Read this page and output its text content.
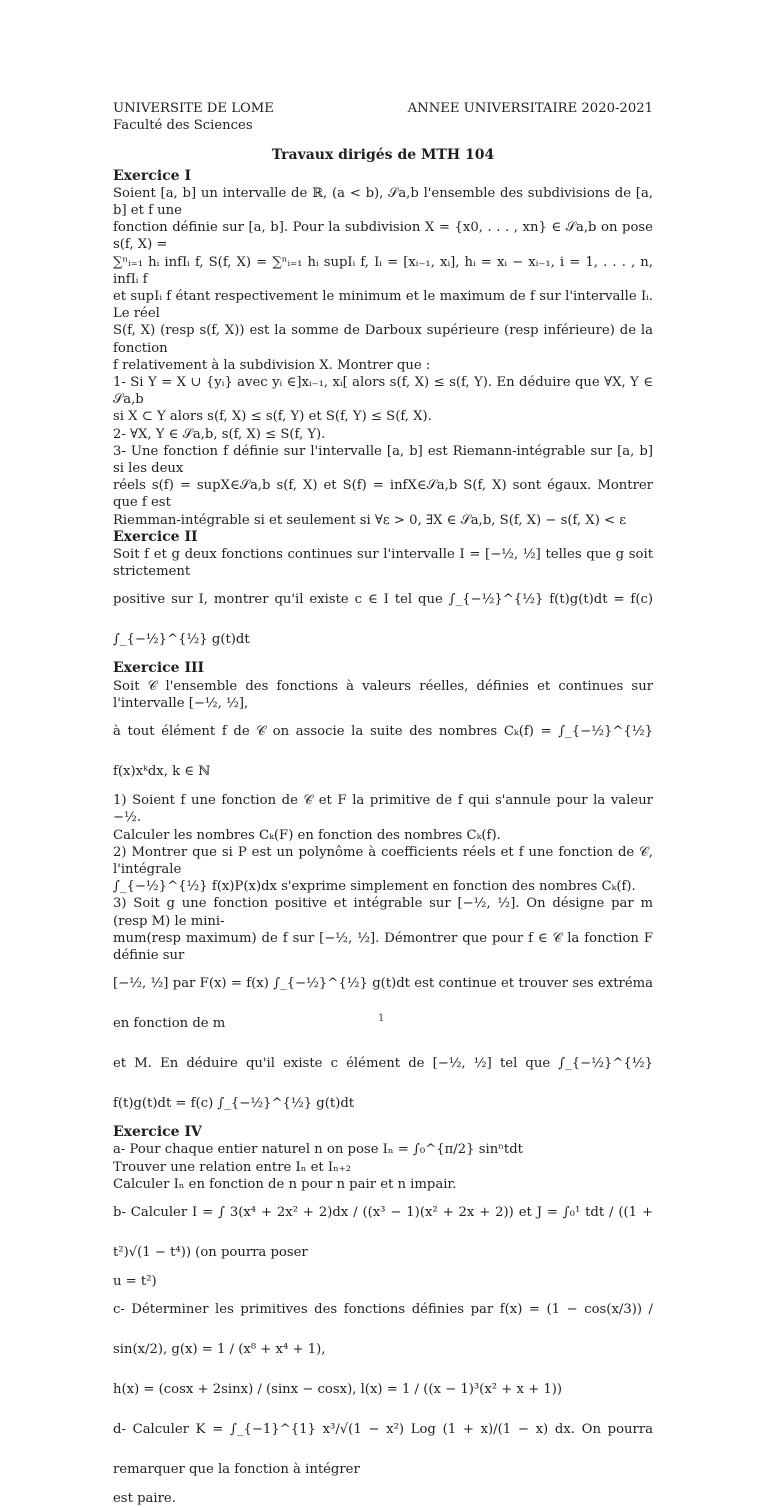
UNIVERSITE DE LOME	ANNEE UNIVERSITAIRE 2020-2021
Faculté des Sciences
Travaux dirigés de MTH 104
Exercice I

Soient [a, b] un intervalle de ℝ, (a < b), 𝒮a,b l'ensemble des subdivisions de [a, b] et f une

fonction définie sur [a, b]. Pour la subdivision X = {x0, . . . , xn} ∈ 𝒮a,b on pose s(f, X) =

∑ⁿᵢ₌₁ hᵢ infIᵢ f, S(f, X) = ∑ⁿᵢ₌₁ hᵢ supIᵢ f, Iᵢ = [xᵢ₋₁, xᵢ], hᵢ = xᵢ − xᵢ₋₁, i = 1, . . . , n, infIᵢ f

et supIᵢ f étant respectivement le minimum et le maximum de f sur l'intervalle Iᵢ. Le réel

S(f, X) (resp s(f, X)) est la somme de Darboux supérieure (resp inférieure) de la fonction

f relativement à la subdivision X. Montrer que :

1- Si Y = X ∪ {yᵢ} avec yᵢ ∈]xᵢ₋₁, xᵢ[ alors s(f, X) ≤ s(f, Y). En déduire que ∀X, Y ∈ 𝒮a,b

si X ⊂ Y alors s(f, X) ≤ s(f, Y) et S(f, Y) ≤ S(f, X).

2- ∀X, Y ∈ 𝒮a,b, s(f, X) ≤ S(f, Y).

3- Une fonction f définie sur l'intervalle [a, b] est Riemann-intégrable sur [a, b] si les deux

réels s(f) = supX∈𝒮a,b s(f, X) et S(f) = infX∈𝒮a,b S(f, X) sont égaux. Montrer que f est

Riemman-intégrable si et seulement si ∀ε > 0, ∃X ∈ 𝒮a,b, S(f, X) − s(f, X) < ε

Exercice II

Soit f et g deux fonctions continues sur l'intervalle I = [−½, ½] telles que g soit strictement

positive sur I, montrer qu'il existe c ∈ I tel que ∫_{−½}^{½} f(t)g(t)dt = f(c) ∫_{−½}^{½} g(t)dt

Exercice III

Soit 𝒞 l'ensemble des fonctions à valeurs réelles, définies et continues sur l'intervalle [−½, ½],

à tout élément f de 𝒞 on associe la suite des nombres Cₖ(f) = ∫_{−½}^{½} f(x)xᵏdx, k ∈ ℕ

1) Soient f une fonction de 𝒞 et F la primitive de f qui s'annule pour la valeur −½.

Calculer les nombres Cₖ(F) en fonction des nombres Cₖ(f).

2) Montrer que si P est un polynôme à coefficients réels et f une fonction de 𝒞, l'intégrale

∫_{−½}^{½} f(x)P(x)dx s'exprime simplement en fonction des nombres Cₖ(f).

3) Soit g une fonction positive et intégrable sur [−½, ½]. On désigne par m (resp M) le mini-

mum(resp maximum) de f sur [−½, ½]. Démontrer que pour f ∈ 𝒞 la fonction F définie sur

[−½, ½] par F(x) = f(x) ∫_{−½}^{½} g(t)dt est continue et trouver ses extréma en fonction de m

et M. En déduire qu'il existe c élément de [−½, ½] tel que ∫_{−½}^{½} f(t)g(t)dt = f(c) ∫_{−½}^{½} g(t)dt

Exercice IV

a- Pour chaque entier naturel n on pose Iₙ = ∫₀^{π/2} sinⁿtdt

Trouver une relation entre Iₙ et Iₙ₊₂

Calculer Iₙ en fonction de n pour n pair et n impair.

b- Calculer I = ∫ 3(x⁴ + 2x² + 2)dx / ((x³ − 1)(x² + 2x + 2)) et J = ∫₀¹ tdt / ((1 + t²)√(1 − t⁴)) (on pourra poser

u = t²)

c- Déterminer les primitives des fonctions définies par f(x) = (1 − cos(x/3)) / sin(x/2), g(x) = 1 / (x⁸ + x⁴ + 1),

h(x) = (cosx + 2sinx) / (sinx − cosx), l(x) = 1 / ((x − 1)³(x² + x + 1))

d- Calculer K = ∫_{−1}^{1} x³/√(1 − x²) Log (1 + x)/(1 − x) dx. On pourra remarquer que la fonction à intégrer

est paire.

1
